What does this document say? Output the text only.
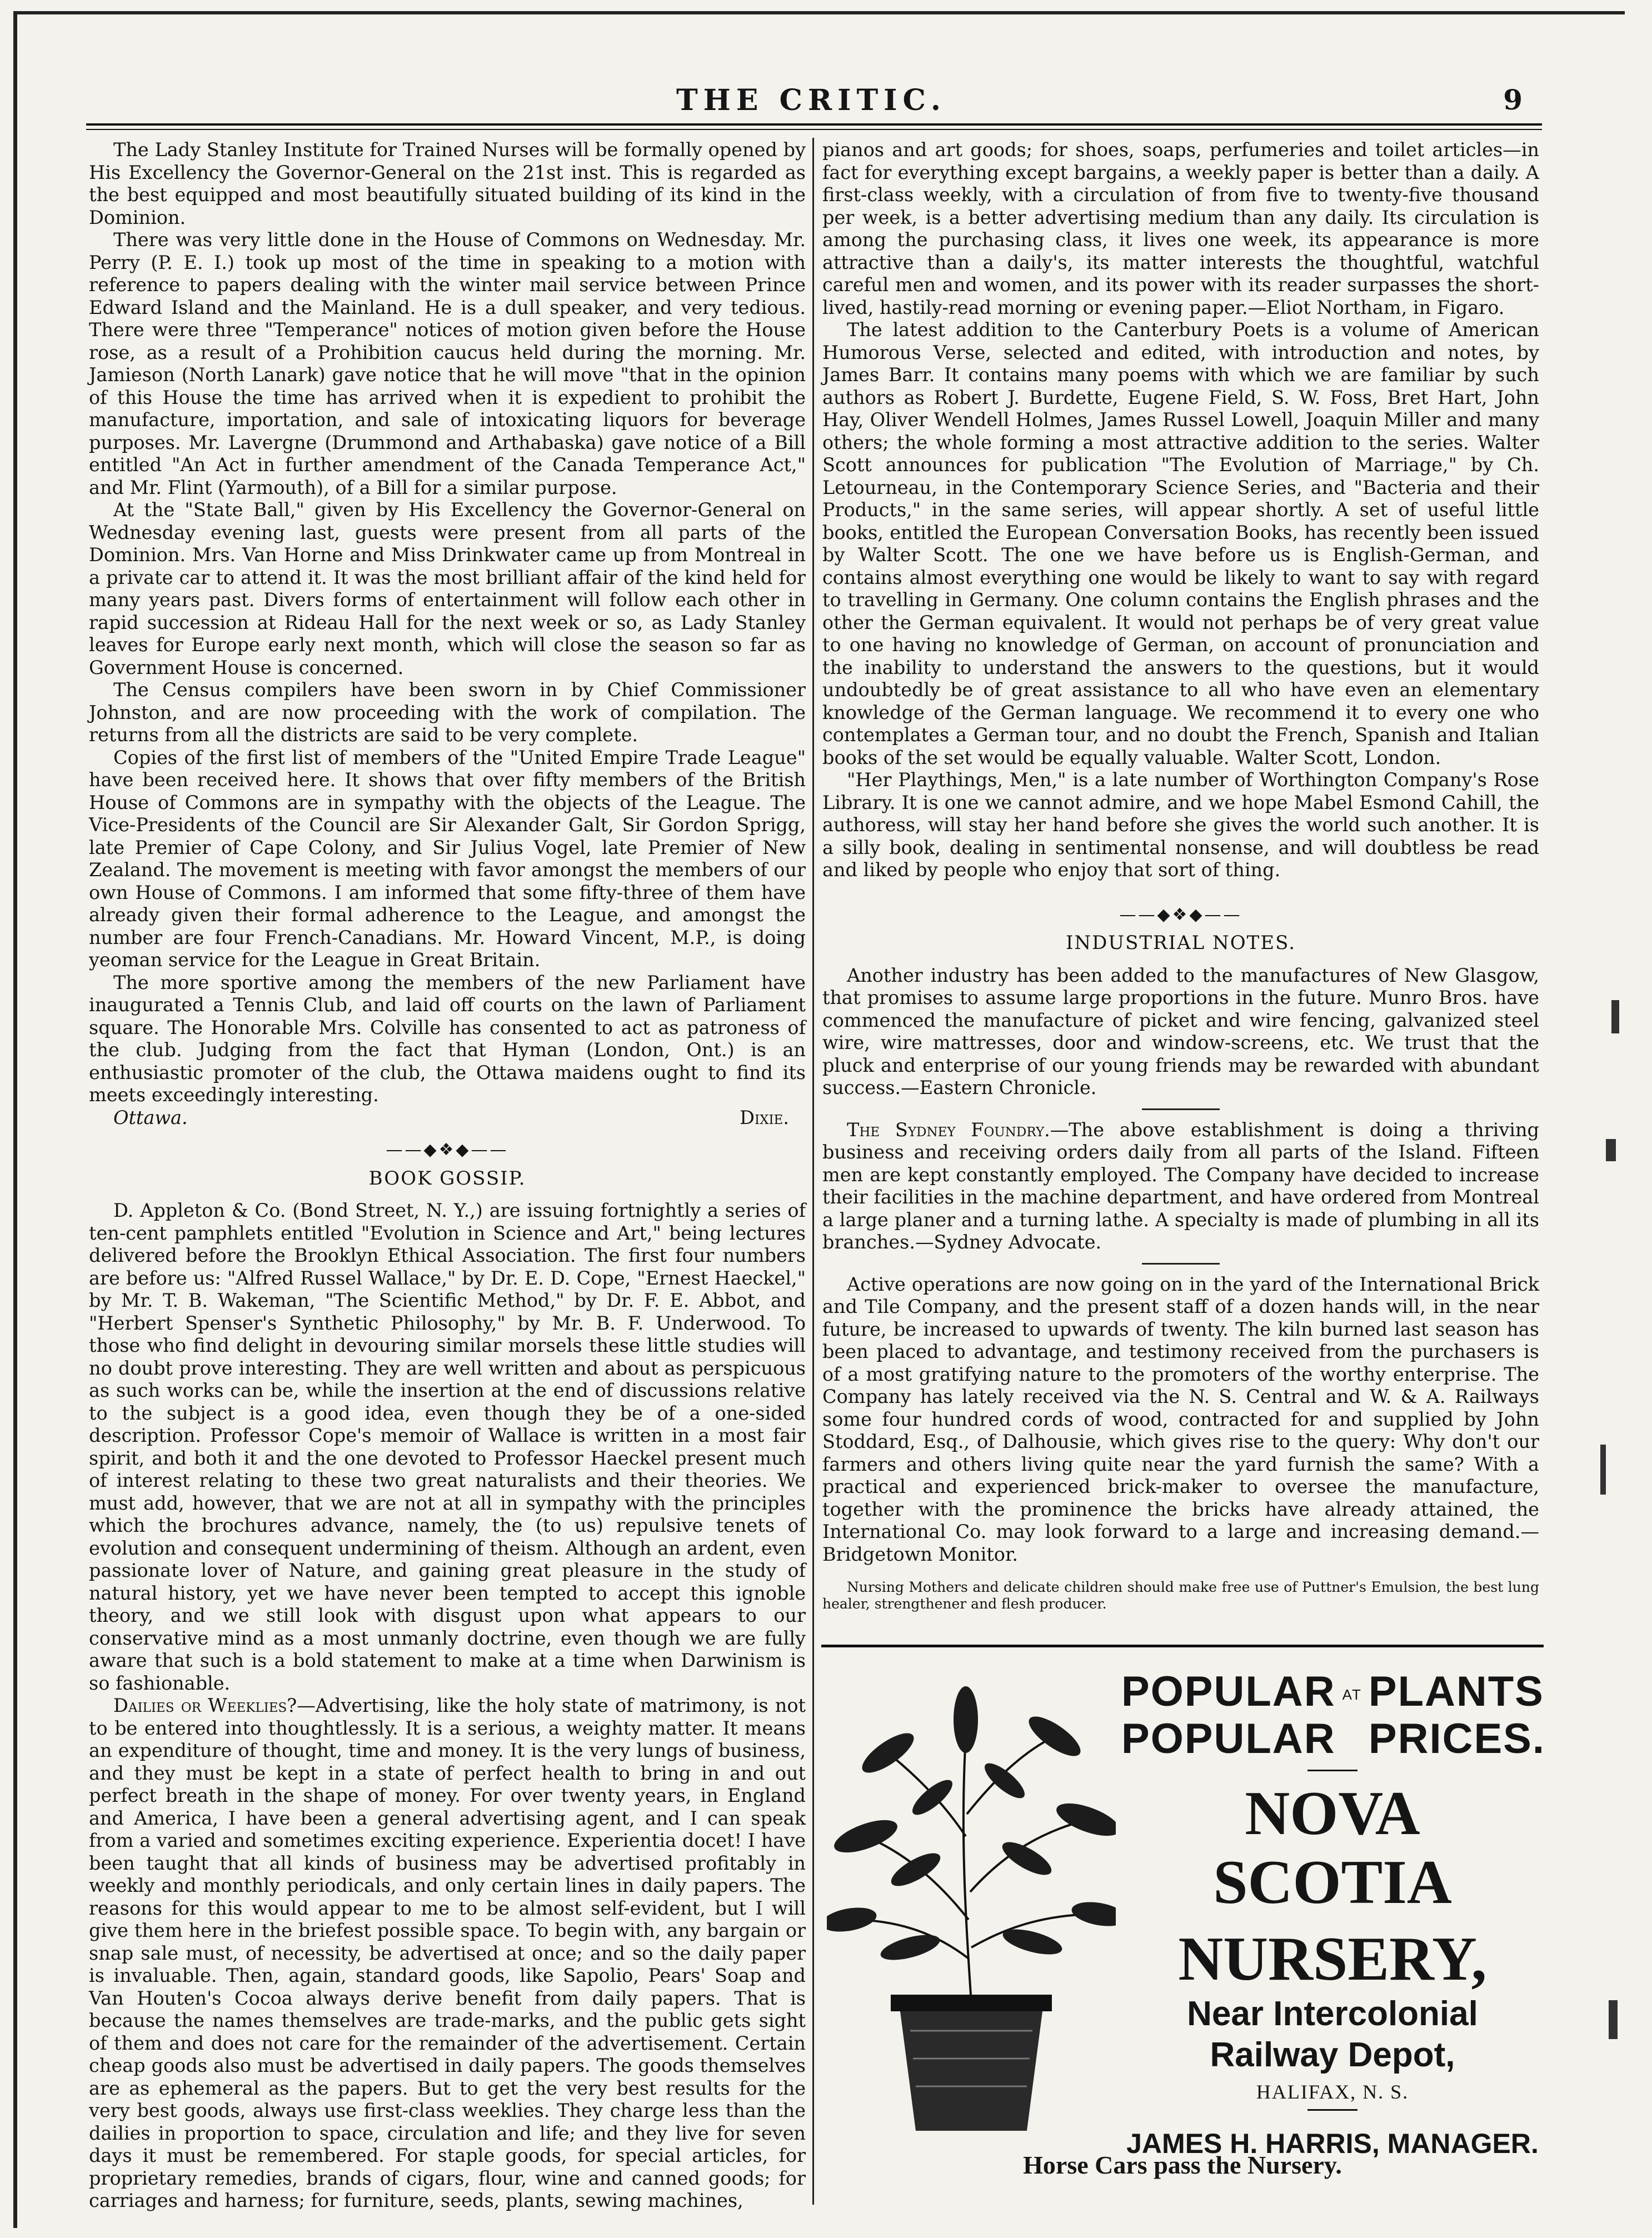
THE CRITIC.	9

The Lady Stanley Institute for Trained Nurses will be formally opened by His Excellency the Governor-General on the 21st inst. This is regarded as the best equipped and most beautifully situated building of its kind in the Dominion.

There was very little done in the House of Commons on Wednesday. Mr. Perry (P. E. I.) took up most of the time in speaking to a motion with reference to papers dealing with the winter mail service between Prince Edward Island and the Mainland. He is a dull speaker, and very tedious. There were three "Temperance" notices of motion given before the House rose, as a result of a Prohibition caucus held during the morning. Mr. Jamieson (North Lanark) gave notice that he will move "that in the opinion of this House the time has arrived when it is expedient to prohibit the manufacture, importation, and sale of intoxicating liquors for beverage purposes. Mr. Lavergne (Drummond and Arthabaska) gave notice of a Bill entitled "An Act in further amendment of the Canada Temperance Act," and Mr. Flint (Yarmouth), of a Bill for a similar purpose.

At the "State Ball," given by His Excellency the Governor-General on Wednesday evening last, guests were present from all parts of the Dominion. Mrs. Van Horne and Miss Drinkwater came up from Montreal in a private car to attend it. It was the most brilliant affair of the kind held for many years past. Divers forms of entertainment will follow each other in rapid succession at Rideau Hall for the next week or so, as Lady Stanley leaves for Europe early next month, which will close the season so far as Government House is concerned.

The Census compilers have been sworn in by Chief Commissioner Johnston, and are now proceeding with the work of compilation. The returns from all the districts are said to be very complete.

Copies of the first list of members of the "United Empire Trade League" have been received here. It shows that over fifty members of the British House of Commons are in sympathy with the objects of the League. The Vice-Presidents of the Council are Sir Alexander Galt, Sir Gordon Sprigg, late Premier of Cape Colony, and Sir Julius Vogel, late Premier of New Zealand. The movement is meeting with favor amongst the members of our own House of Commons. I am informed that some fifty-three of them have already given their formal adherence to the League, and amongst the number are four French-Canadians. Mr. Howard Vincent, M.P., is doing yeoman service for the League in Great Britain.

The more sportive among the members of the new Parliament have inaugurated a Tennis Club, and laid off courts on the lawn of Parliament square. The Honorable Mrs. Colville has consented to act as patroness of the club. Judging from the fact that Hyman (London, Ont.) is an enthusiastic promoter of the club, the Ottawa maidens ought to find its meets exceedingly interesting.

Ottawa.	Dixie.

——◆❖◆——
BOOK GOSSIP.

D. Appleton & Co. (Bond Street, N. Y.,) are issuing fortnightly a series of ten-cent pamphlets entitled "Evolution in Science and Art," being lectures delivered before the Brooklyn Ethical Association. The first four numbers are before us: "Alfred Russel Wallace," by Dr. E. D. Cope, "Ernest Haeckel," by Mr. T. B. Wakeman, "The Scientific Method," by Dr. F. E. Abbot, and "Herbert Spenser's Synthetic Philosophy," by Mr. B. F. Underwood. To those who find delight in devouring similar morsels these little studies will no doubt prove interesting. They are well written and about as perspicuous as such works can be, while the insertion at the end of discussions relative to the subject is a good idea, even though they be of a one-sided description. Professor Cope's memoir of Wallace is written in a most fair spirit, and both it and the one devoted to Professor Haeckel present much of interest relating to these two great naturalists and their theories. We must add, however, that we are not at all in sympathy with the principles which the brochures advance, namely, the (to us) repulsive tenets of evolution and consequent undermining of theism. Although an ardent, even passionate lover of Nature, and gaining great pleasure in the study of natural history, yet we have never been tempted to accept this ignoble theory, and we still look with disgust upon what appears to our conservative mind as a most unmanly doctrine, even though we are fully aware that such is a bold statement to make at a time when Darwinism is so fashionable.

Dailies or Weeklies?—Advertising, like the holy state of matrimony, is not to be entered into thoughtlessly. It is a serious, a weighty matter. It means an expenditure of thought, time and money. It is the very lungs of business, and they must be kept in a state of perfect health to bring in and out perfect breath in the shape of money. For over twenty years, in England and America, I have been a general advertising agent, and I can speak from a varied and sometimes exciting experience. Experientia docet! I have been taught that all kinds of business may be advertised profitably in weekly and monthly periodicals, and only certain lines in daily papers. The reasons for this would appear to me to be almost self-evident, but I will give them here in the briefest possible space. To begin with, any bargain or snap sale must, of necessity, be advertised at once; and so the daily paper is invaluable. Then, again, standard goods, like Sapolio, Pears' Soap and Van Houten's Cocoa always derive benefit from daily papers. That is because the names themselves are trade-marks, and the public gets sight of them and does not care for the remainder of the advertisement. Certain cheap goods also must be advertised in daily papers. The goods themselves are as ephemeral as the papers. But to get the very best results for the very best goods, always use first-class weeklies. They charge less than the dailies in proportion to space, circulation and life; and they live for seven days it must be remembered. For staple goods, for special articles, for proprietary remedies, brands of cigars, flour, wine and canned goods; for carriages and harness; for furniture, seeds, plants, sewing machines,

pianos and art goods; for shoes, soaps, perfumeries and toilet articles—in fact for everything except bargains, a weekly paper is better than a daily. A first-class weekly, with a circulation of from five to twenty-five thousand per week, is a better advertising medium than any daily. Its circulation is among the purchasing class, it lives one week, its appearance is more attractive than a daily's, its matter interests the thoughtful, watchful careful men and women, and its power with its reader surpasses the short-lived, hastily-read morning or evening paper.—Eliot Northam, in Figaro.

The latest addition to the Canterbury Poets is a volume of American Humorous Verse, selected and edited, with introduction and notes, by James Barr. It contains many poems with which we are familiar by such authors as Robert J. Burdette, Eugene Field, S. W. Foss, Bret Hart, John Hay, Oliver Wendell Holmes, James Russel Lowell, Joaquin Miller and many others; the whole forming a most attractive addition to the series. Walter Scott announces for publication "The Evolution of Marriage," by Ch. Letourneau, in the Contemporary Science Series, and "Bacteria and their Products," in the same series, will appear shortly. A set of useful little books, entitled the European Conversation Books, has recently been issued by Walter Scott. The one we have before us is English-German, and contains almost everything one would be likely to want to say with regard to travelling in Germany. One column contains the English phrases and the other the German equivalent. It would not perhaps be of very great value to one having no knowledge of German, on account of pronunciation and the inability to understand the answers to the questions, but it would undoubtedly be of great assistance to all who have even an elementary knowledge of the German language. We recommend it to every one who contemplates a German tour, and no doubt the French, Spanish and Italian books of the set would be equally valuable. Walter Scott, London.

"Her Playthings, Men," is a late number of Worthington Company's Rose Library. It is one we cannot admire, and we hope Mabel Esmond Cahill, the authoress, will stay her hand before she gives the world such another. It is a silly book, dealing in sentimental nonsense, and will doubtless be read and liked by people who enjoy that sort of thing.

——◆❖◆——
INDUSTRIAL NOTES.

Another industry has been added to the manufactures of New Glasgow, that promises to assume large proportions in the future. Munro Bros. have commenced the manufacture of picket and wire fencing, galvanized steel wire, wire mattresses, door and window-screens, etc. We trust that the pluck and enterprise of our young friends may be rewarded with abundant success.—Eastern Chronicle.

The Sydney Foundry.—The above establishment is doing a thriving business and receiving orders daily from all parts of the Island. Fifteen men are kept constantly employed. The Company have decided to increase their facilities in the machine department, and have ordered from Montreal a large planer and a turning lathe. A specialty is made of plumbing in all its branches.—Sydney Advocate.

Active operations are now going on in the yard of the International Brick and Tile Company, and the present staff of a dozen hands will, in the near future, be increased to upwards of twenty. The kiln burned last season has been placed to advantage, and testimony received from the purchasers is of a most gratifying nature to the promoters of the worthy enterprise. The Company has lately received via the N. S. Central and W. & A. Railways some four hundred cords of wood, contracted for and supplied by John Stoddard, Esq., of Dalhousie, which gives rise to the query: Why don't our farmers and others living quite near the yard furnish the same? With a practical and experienced brick-maker to oversee the manufacture, together with the prominence the bricks have already attained, the International Co. may look forward to a large and increasing demand.—Bridgetown Monitor.

Nursing Mothers and delicate children should make free use of Puttner's Emulsion, the best lung healer, strengthener and flesh producer.

POPULAR AT PLANTS
POPULAR PRICES.
NOVA SCOTIA
NURSERY,
Near Intercolonial Railway Depot,
HALIFAX, N. S.
JAMES H. HARRIS, MANAGER.
Horse Cars pass the Nursery.
